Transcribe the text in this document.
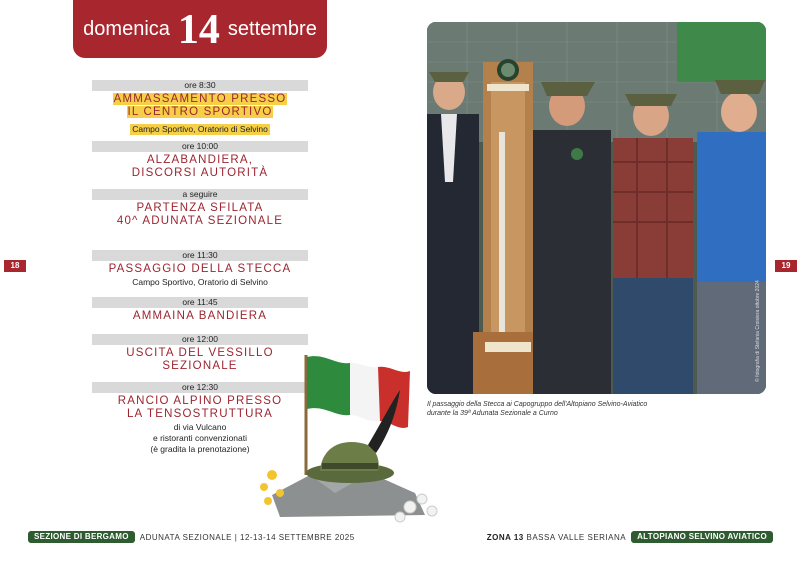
domenica 14 settembre
18	19
ore 8:30
AMMASSAMENTO PRESSO
IL CENTRO SPORTIVO
Campo Sportivo, Oratorio di Selvino
ore 10:00
ALZABANDIERA,
DISCORSI AUTORITÀ
a seguire
PARTENZA SFILATA
40^ ADUNATA SEZIONALE
ore 11:30
PASSAGGIO DELLA STECCA
Campo Sportivo, Oratorio di Selvino
ore 11:45
AMMAINA BANDIERA
ore 12:00
USCITA DEL VESSILLO SEZIONALE
ore 12:30
RANCIO ALPINO PRESSO
LA TENSOSTRUTTURA
di via Vulcano
e ristoranti convenzionati
(è gradita la prenotazione)
© fotografia di Stefania Croisiera ottobre 2024
Il passaggio della Stecca ai Capogruppo dell'Altopiano Selvino-Aviatico
durante la 39ª Adunata Sezionale a Curno
SEZIONE DI BERGAMO	ADUNATA SEZIONALE | 12-13-14 SETTEMBRE 2025	ZONA 13 BASSA VALLE SERIANA	ALTOPIANO SELVINO AVIATICO
